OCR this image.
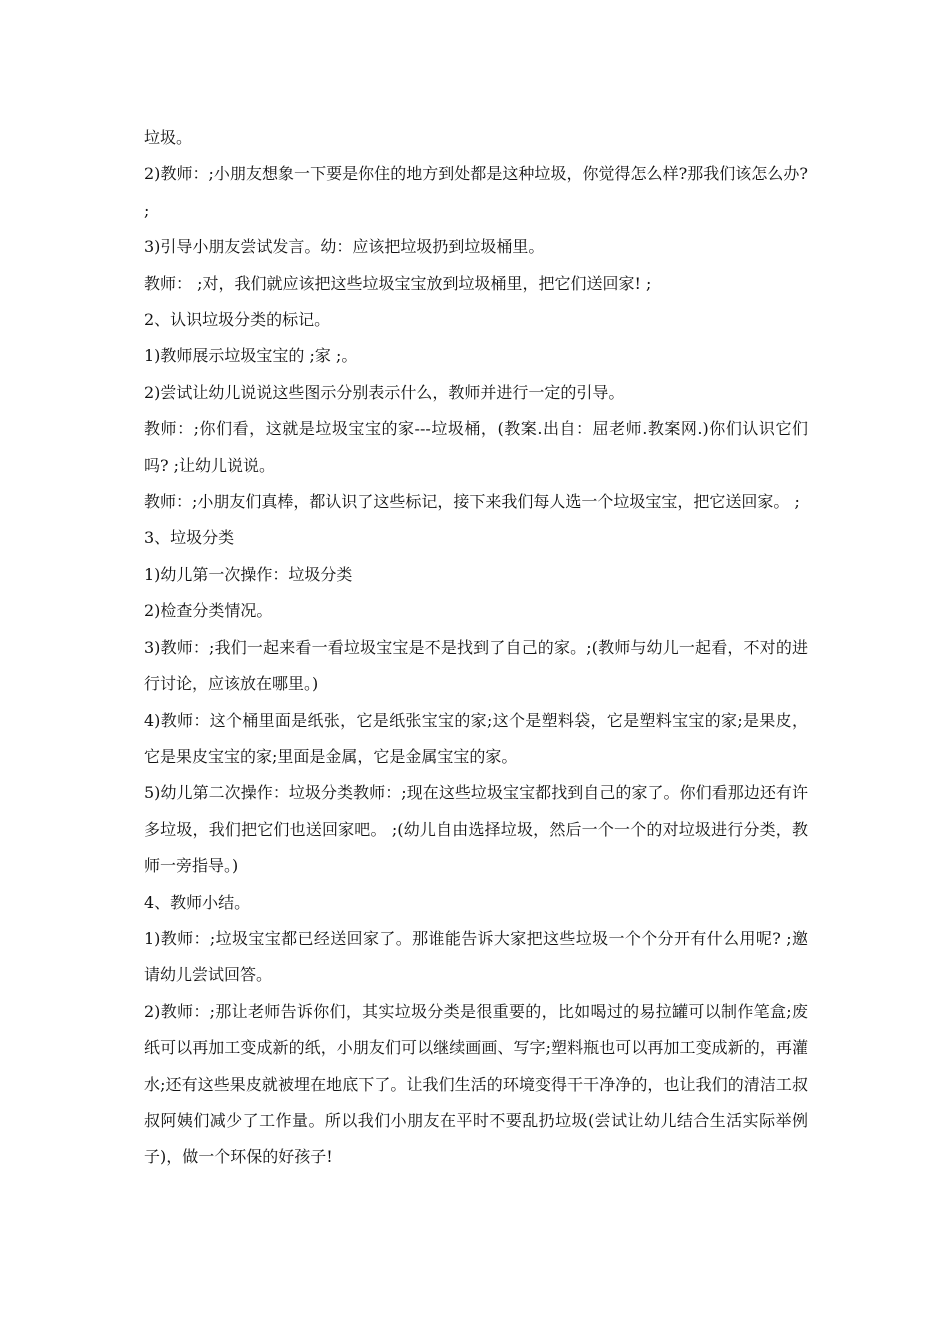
垃圾。

2)教师：;小朋友想象一下要是你住的地方到处都是这种垃圾，你觉得怎么样?那我们该怎么办? ;

3)引导小朋友尝试发言。幼：应该把垃圾扔到垃圾桶里。

教师： ;对，我们就应该把这些垃圾宝宝放到垃圾桶里，把它们送回家! ;

2、认识垃圾分类的标记。

1)教师展示垃圾宝宝的 ;家 ;。

2)尝试让幼儿说说这些图示分别表示什么，教师并进行一定的引导。

教师：;你们看，这就是垃圾宝宝的家---垃圾桶，(教案.出自：屈老师.教案网.)你们认识它们吗? ;让幼儿说说。

教师：;小朋友们真棒，都认识了这些标记，接下来我们每人选一个垃圾宝宝，把它送回家。 ;

3、垃圾分类

1)幼儿第一次操作：垃圾分类

2)检查分类情况。

3)教师：;我们一起来看一看垃圾宝宝是不是找到了自己的家。;(教师与幼儿一起看，不对的进行讨论，应该放在哪里。)

4)教师：这个桶里面是纸张，它是纸张宝宝的家;这个是塑料袋，它是塑料宝宝的家;是果皮，它是果皮宝宝的家;里面是金属，它是金属宝宝的家。

5)幼儿第二次操作：垃圾分类教师：;现在这些垃圾宝宝都找到自己的家了。你们看那边还有许多垃圾，我们把它们也送回家吧。 ;(幼儿自由选择垃圾，然后一个一个的对垃圾进行分类，教师一旁指导。)

4、教师小结。

1)教师：;垃圾宝宝都已经送回家了。那谁能告诉大家把这些垃圾一个个分开有什么用呢? ;邀请幼儿尝试回答。

2)教师：;那让老师告诉你们，其实垃圾分类是很重要的，比如喝过的易拉罐可以制作笔盒;废纸可以再加工变成新的纸，小朋友们可以继续画画、写字;塑料瓶也可以再加工变成新的，再灌水;还有这些果皮就被埋在地底下了。让我们生活的环境变得干干净净的，也让我们的清洁工叔叔阿姨们减少了工作量。所以我们小朋友在平时不要乱扔垃圾(尝试让幼儿结合生活实际举例子)，做一个环保的好孩子!
